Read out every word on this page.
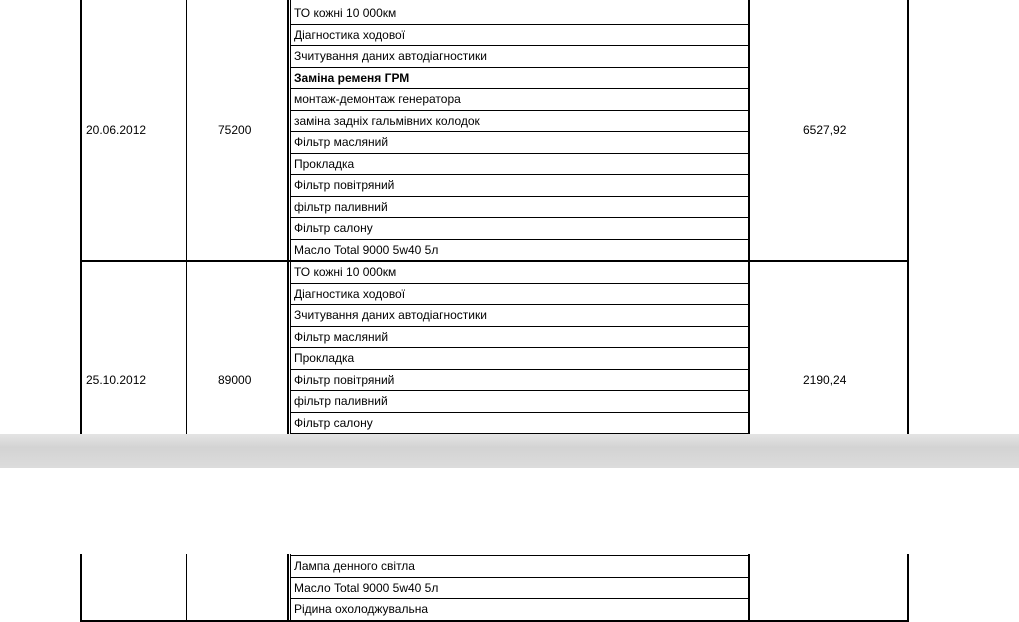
20.06.2012	75200	6527,92
ТО кожні 10 000км
Діагностика ходової
Зчитування даних автодіагностики
Заміна ременя ГРМ
монтаж-демонтаж генератора
заміна задніх гальмівних колодок
Фільтр масляний
Прокладка
Фільтр повітряний
фільтр паливний
Фільтр салону
Масло Total 9000 5w40 5л
25.10.2012	89000	2190,24
ТО кожні 10 000км
Діагностика ходової
Зчитування даних автодіагностики
Фільтр масляний
Прокладка
Фільтр повітряний
фільтр паливний
Фільтр салону
Лампа денного світла
Масло Total 9000 5w40 5л
Рідина охолоджувальна
